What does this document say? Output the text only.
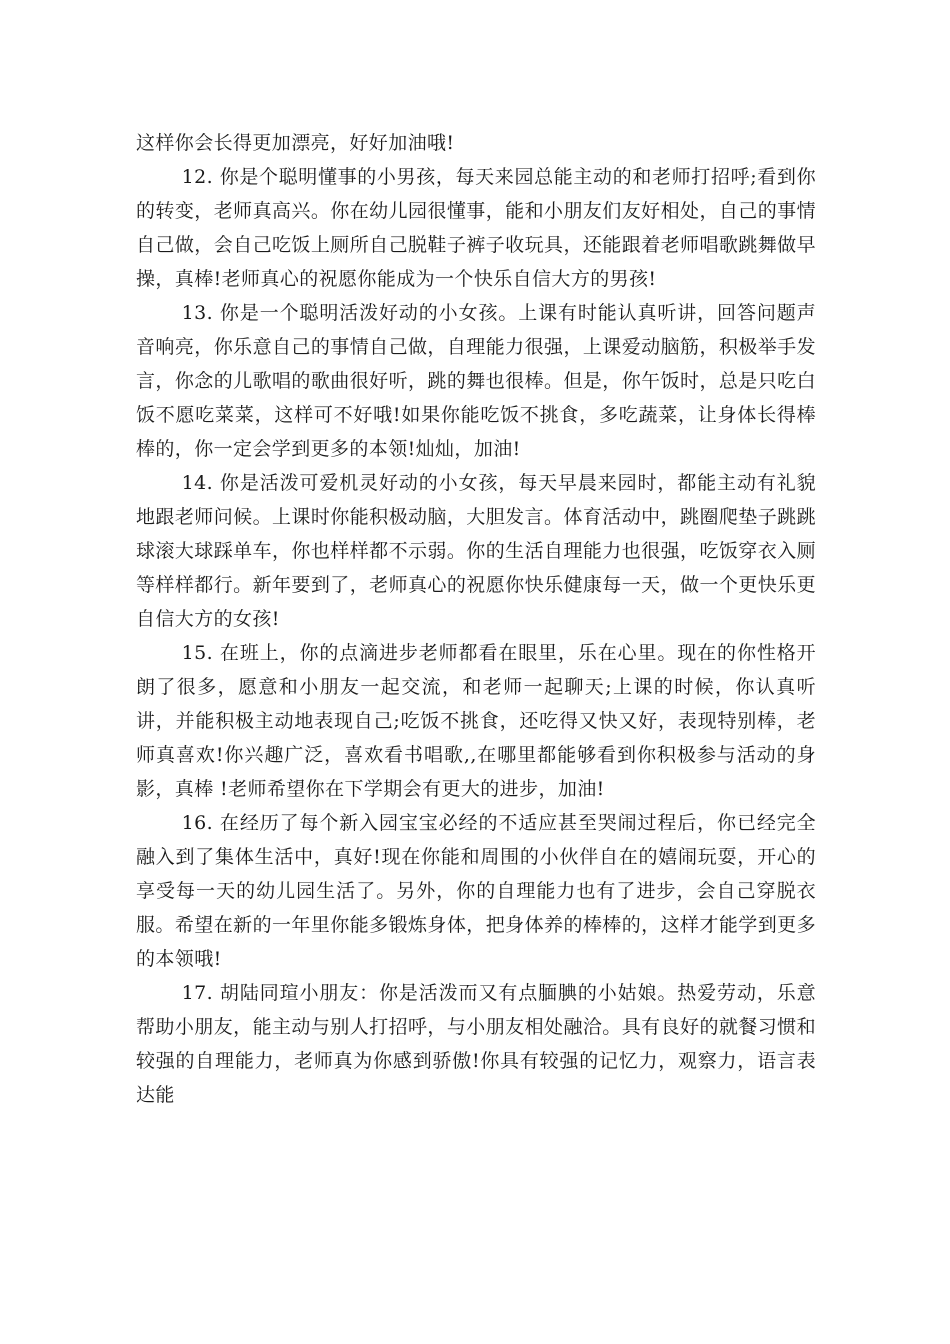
这样你会长得更加漂亮，好好加油哦!

12. 你是个聪明懂事的小男孩，每天来园总能主动的和老师打招呼;看到你的转变，老师真高兴。你在幼儿园很懂事，能和小朋友们友好相处，自己的事情自己做，会自己吃饭上厕所自己脱鞋子裤子收玩具，还能跟着老师唱歌跳舞做早操，真棒!老师真心的祝愿你能成为一个快乐自信大方的男孩!

13. 你是一个聪明活泼好动的小女孩。上课有时能认真听讲，回答问题声音响亮，你乐意自己的事情自己做，自理能力很强，上课爱动脑筋，积极举手发言，你念的儿歌唱的歌曲很好听，跳的舞也很棒。但是，你午饭时，总是只吃白饭不愿吃菜菜，这样可不好哦!如果你能吃饭不挑食，多吃蔬菜，让身体长得棒棒的，你一定会学到更多的本领!灿灿，加油!

14. 你是活泼可爱机灵好动的小女孩，每天早晨来园时，都能主动有礼貌地跟老师问候。上课时你能积极动脑，大胆发言。体育活动中，跳圈爬垫子跳跳球滚大球踩单车，你也样样都不示弱。你的生活自理能力也很强，吃饭穿衣入厕等样样都行。新年要到了，老师真心的祝愿你快乐健康每一天，做一个更快乐更自信大方的女孩!

15. 在班上，你的点滴进步老师都看在眼里，乐在心里。现在的你性格开朗了很多，愿意和小朋友一起交流，和老师一起聊天;上课的时候，你认真听讲，并能积极主动地表现自己;吃饭不挑食，还吃得又快又好，表现特别棒，老师真喜欢!你兴趣广泛，喜欢看书唱歌,,在哪里都能够看到你积极参与活动的身影，真棒 !老师希望你在下学期会有更大的进步，加油!

16. 在经历了每个新入园宝宝必经的不适应甚至哭闹过程后，你已经完全融入到了集体生活中，真好!现在你能和周围的小伙伴自在的嬉闹玩耍，开心的享受每一天的幼儿园生活了。另外，你的自理能力也有了进步，会自己穿脱衣服。希望在新的一年里你能多锻炼身体，把身体养的棒棒的，这样才能学到更多的本领哦!

17. 胡陆同瑄小朋友：你是活泼而又有点腼腆的小姑娘。热爱劳动，乐意帮助小朋友，能主动与别人打招呼，与小朋友相处融洽。具有良好的就餐习惯和较强的自理能力，老师真为你感到骄傲!你具有较强的记忆力，观察力，语言表达能
